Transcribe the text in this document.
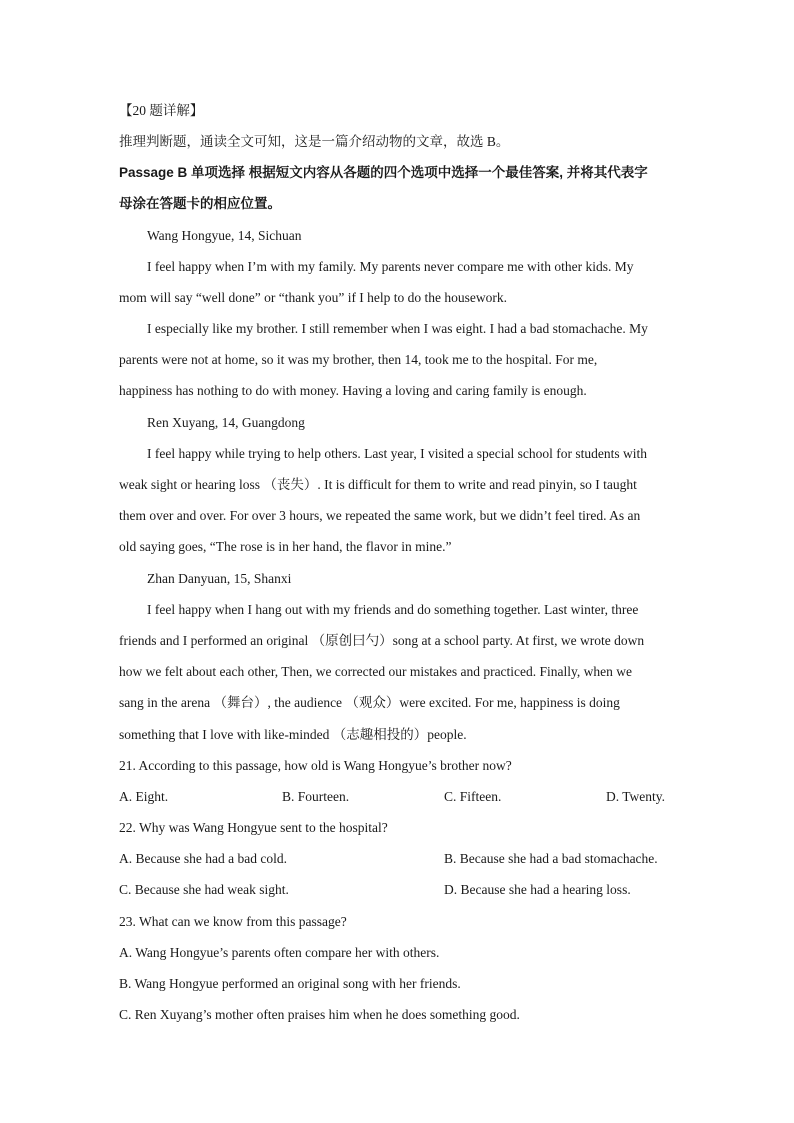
【20 题详解】
推理判断题，通读全文可知，这是一篇介绍动物的文章，故选 B。
Passage B 单项选择 根据短文内容从各题的四个选项中选择一个最佳答案, 并将其代表字
母涂在答题卡的相应位置。
Wang Hongyue, 14, Sichuan
I feel happy when I’m with my family. My parents never compare me with other kids. My
mom will say “well done” or “thank you” if I help to do the housework.
I especially like my brother. I still remember when I was eight. I had a bad stomachache. My
parents were not at home, so it was my brother, then 14, took me to the hospital. For me,
happiness has nothing to do with money. Having a loving and caring family is enough.
Ren Xuyang, 14, Guangdong
I feel happy while trying to help others. Last year, I visited a special school for students with
weak sight or hearing loss （丧失）. It is difficult for them to write and read pinyin, so I taught
them over and over. For over 3 hours, we repeated the same work, but we didn’t feel tired. As an
old saying goes, “The rose is in her hand, the flavor in mine.”
Zhan Danyuan, 15, Shanxi
I feel happy when I hang out with my friends and do something together. Last winter, three
friends and I performed an original （原创曰勺）song at a school party. At first, we wrote down
how we felt about each other, Then, we corrected our mistakes and practiced. Finally, when we
sang in the arena （舞台）, the audience （观众）were excited. For me, happiness is doing
something that I love with like-minded （志趣相投的）people.
21. According to this passage, how old is Wang Hongyue’s brother now?
A. Eight.	B. Fourteen.	C. Fifteen.	D. Twenty.
22. Why was Wang Hongyue sent to the hospital?
A. Because she had a bad cold.	B. Because she had a bad stomachache.
C. Because she had weak sight.	D. Because she had a hearing loss.
23. What can we know from this passage?
A. Wang Hongyue’s parents often compare her with others.
B. Wang Hongyue performed an original song with her friends.
C. Ren Xuyang’s mother often praises him when he does something good.
